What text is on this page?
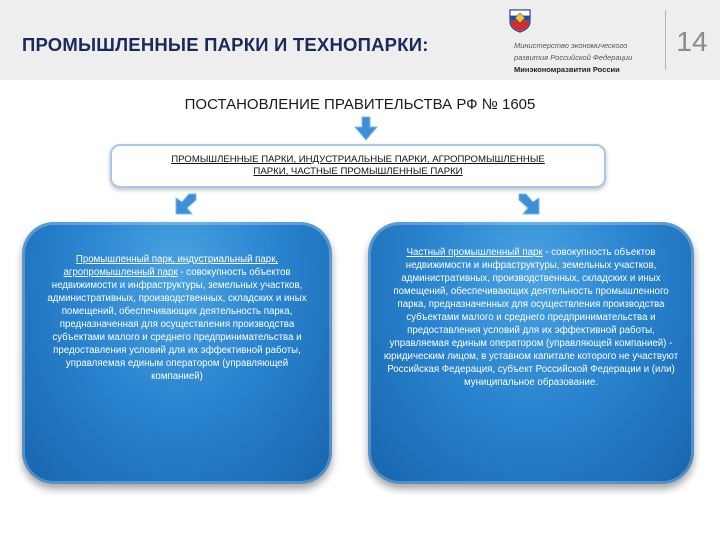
ПРОМЫШЛЕННЫЕ ПАРКИ И ТЕХНОПАРКИ:	Министерство экономического
развития Российской Федерации
Минэкономразвития России
14
ПОСТАНОВЛЕНИЕ ПРАВИТЕЛЬСТВА РФ № 1605
ПРОМЫШЛЕННЫЕ ПАРКИ, ИНДУСТРИАЛЬНЫЕ ПАРКИ, АГРОПРОМЫШЛЕННЫЕ
ПАРКИ, ЧАСТНЫЕ ПРОМЫШЛЕННЫЕ ПАРКИ
Промышленный парк, индустриальный парк, агропромышленный парк - совокупность объектов недвижимости и инфраструктуры, земельных участков, административных, производственных, складских и иных помещений, обеспечивающих деятельность парка, предназначенная для осуществления производства субъектами малого и среднего предпринимательства и предоставления условий для их эффективной работы, управляемая единым оператором (управляющей компанией)
Частный промышленный парк - совокупность объектов недвижимости и инфраструктуры, земельных участков, административных, производственных, складских и иных помещений, обеспечивающих деятельность промышленного парка, предназначенных для осуществления производства субъектами малого и среднего предпринимательства и предоставления условий для их эффективной работы, управляемая единым оператором (управляющей компанией) - юридическим лицом, в уставном капитале которого не участвуют Российская Федерация, субъект Российской Федерации и (или) муниципальное образование.
